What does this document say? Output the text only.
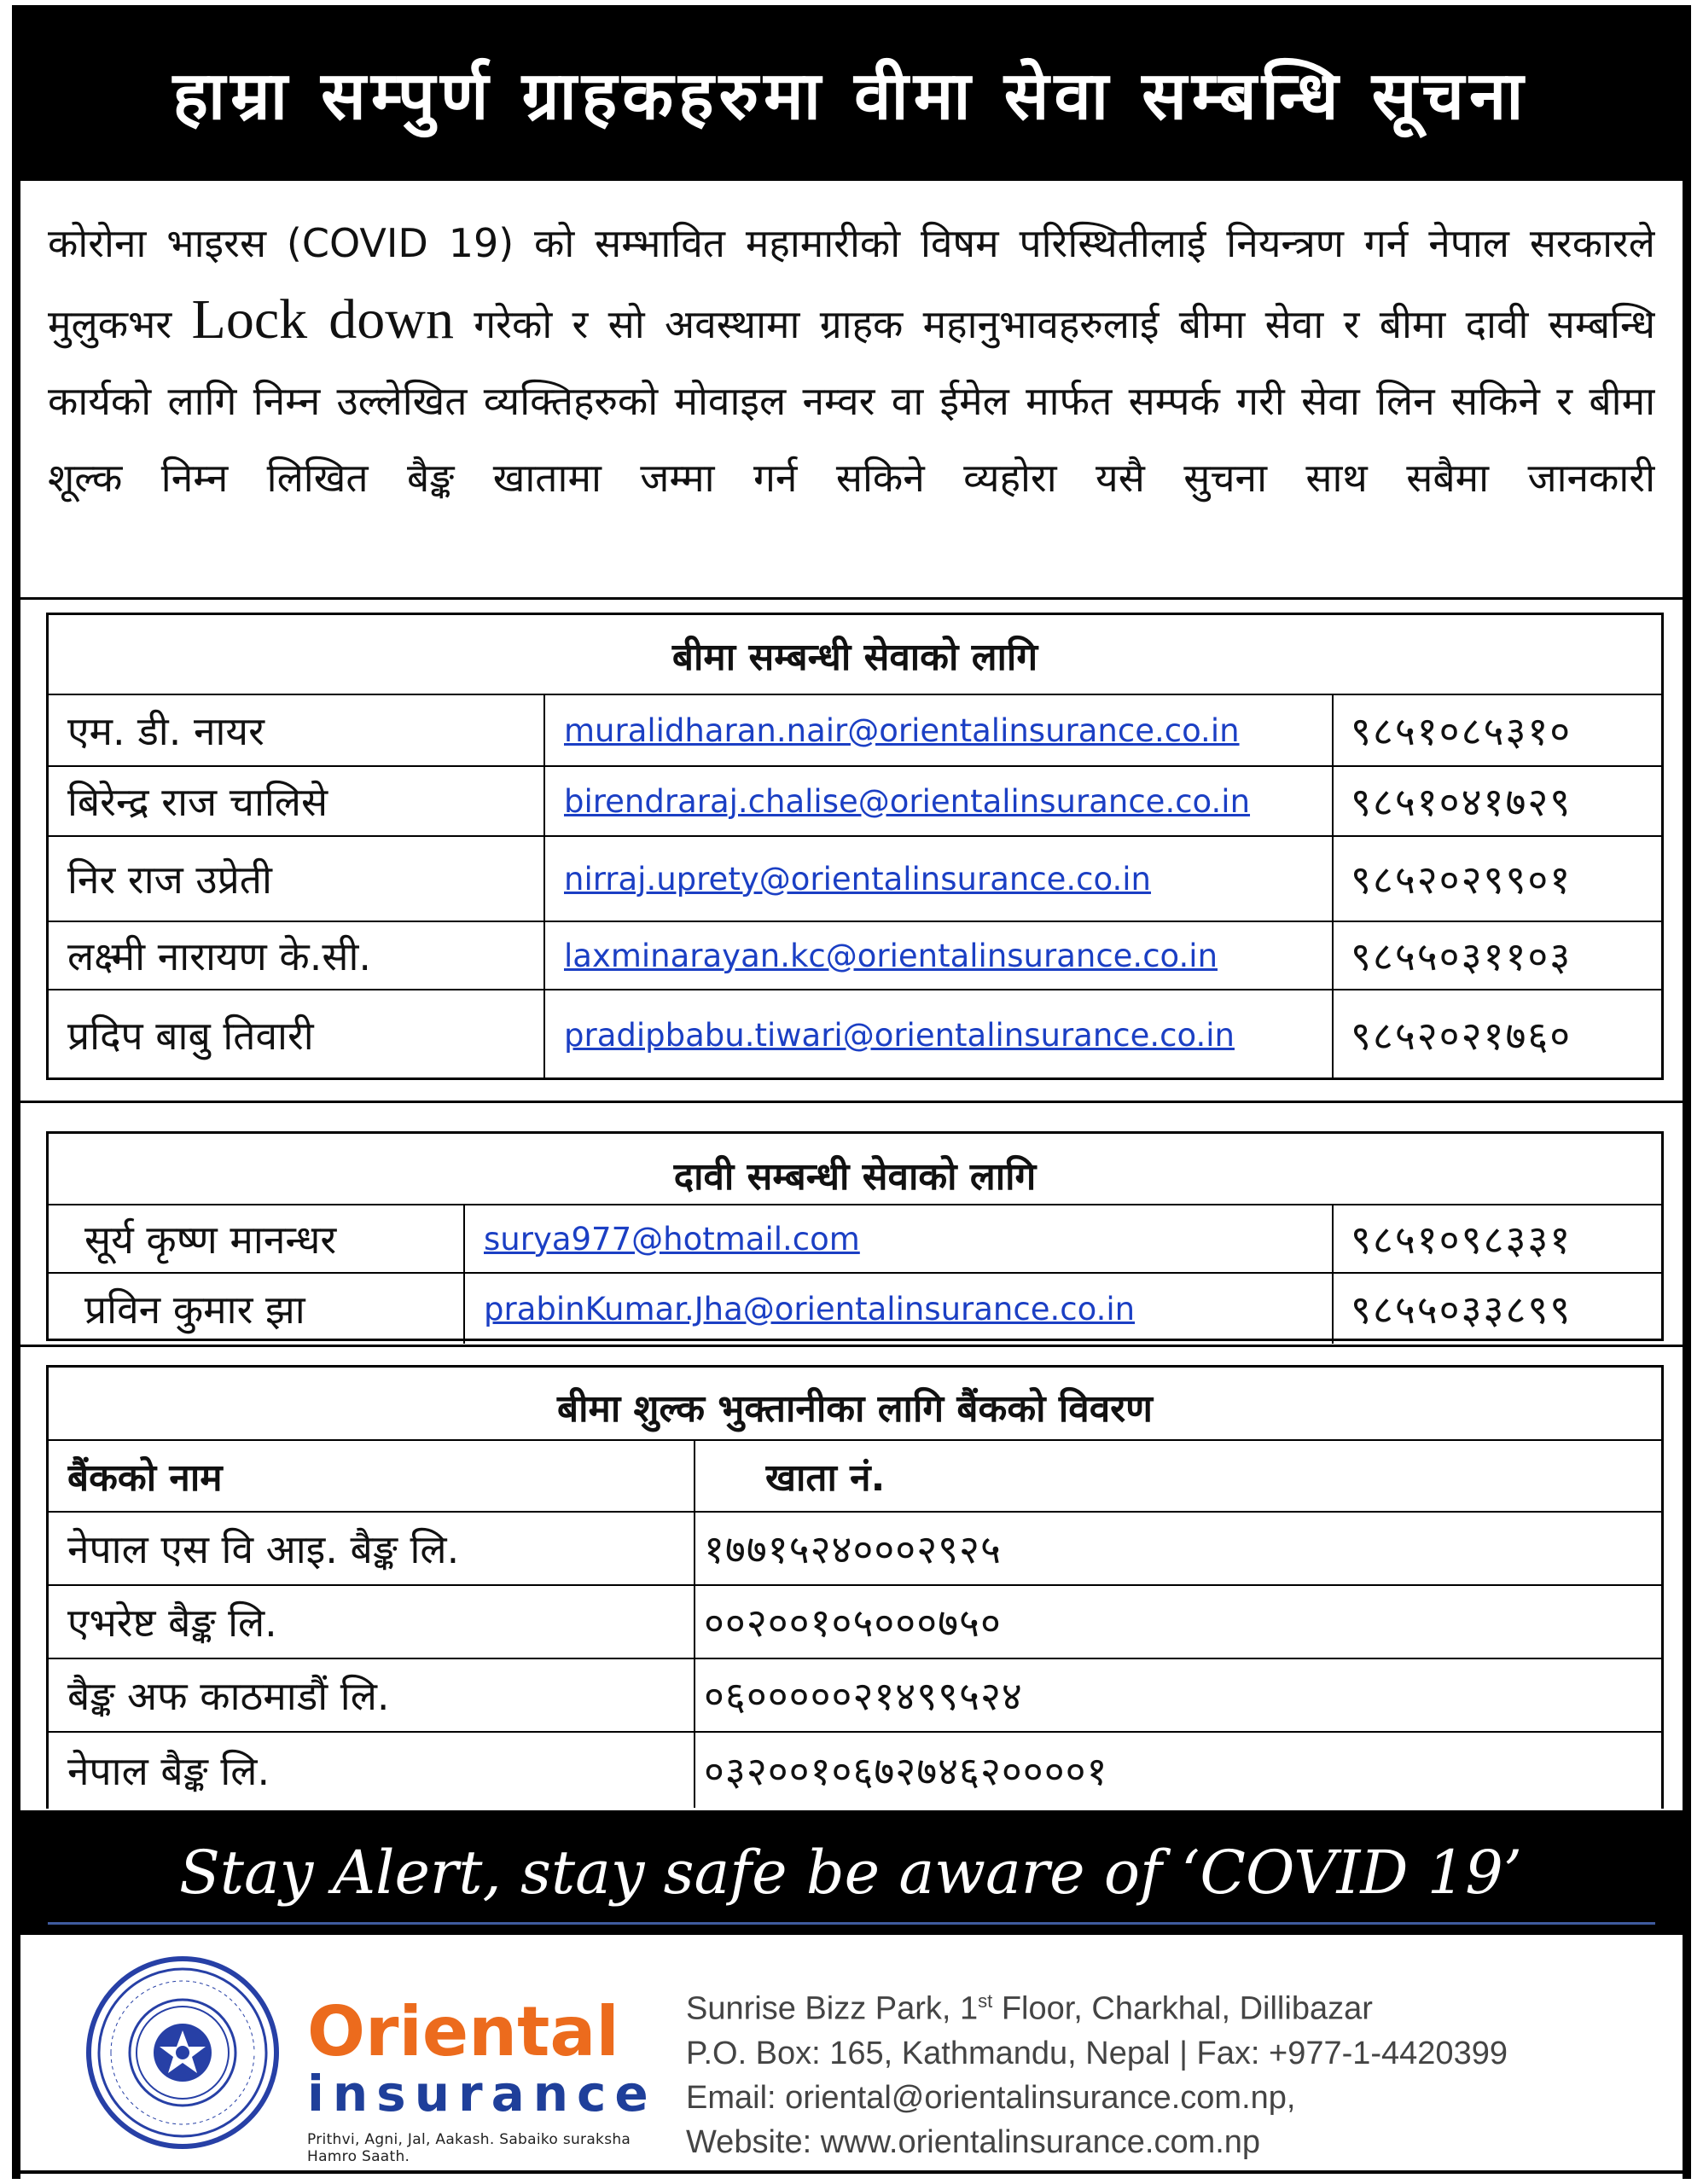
हाम्रा सम्पुर्ण ग्राहकहरुमा वीमा सेवा सम्बन्धि सूचना
कोरोना भाइरस (COVID 19) को सम्भावित महामारीको विषम परिस्थितीलाई नियन्त्रण गर्न नेपाल सरकारले मुलुकभर Lock down गरेको र सो अवस्थामा ग्राहक महानुभावहरुलाई बीमा सेवा र बीमा दावी सम्बन्धि कार्यको लागि निम्न उल्लेखित व्यक्तिहरुको मोवाइल नम्वर वा ईमेल मार्फत सम्पर्क गरी सेवा लिन सकिने र बीमा शूल्क निम्न लिखित बैङ्क खातामा जम्मा गर्न सकिने व्यहोरा यसै सुचना साथ सबैमा जानकारी
बीमा सम्बन्धी सेवाको लागि
एम. डी. नायर	muralidharan.nair@orientalinsurance.co.in	९८५१०८५३१०
बिरेन्द्र राज चालिसे	birendraraj.chalise@orientalinsurance.co.in	९८५१०४१७२९
निर राज उप्रेती	nirraj.uprety@orientalinsurance.co.in	९८५२०२९९०१
लक्ष्मी नारायण के.सी.	laxminarayan.kc@orientalinsurance.co.in	९८५५०३११०३
प्रदिप बाबु तिवारी	pradipbabu.tiwari@orientalinsurance.co.in	९८५२०२१७६०
दावी सम्बन्धी सेवाको लागि
सूर्य कृष्ण मानन्धर	surya977@hotmail.com	९८५१०९८३३१
प्रविन कुमार झा	prabinKumar.Jha@orientalinsurance.co.in	९८५५०३३८९९
बीमा शुल्क भुक्तानीका लागि बैंकको विवरण
बैंकको नाम	खाता नं.
नेपाल एस वि आइ. बैङ्क लि.	१७७१५२४०००२९२५
एभरेष्ट बैङ्क लि.	००२००१०५०००७५०
बैङ्क अफ काठमाडौं लि.	०६०००००२१४९९५२४
नेपाल बैङ्क लि.	०३२००१०६७२७४६२००००१
Stay Alert, stay safe be aware of ‘COVID 19’
Oriental
insurance
Prithvi, Agni, Jal, Aakash. Sabaiko suraksha Hamro Saath.
Sunrise Bizz Park, 1st Floor, Charkhal, Dillibazar
P.O. Box: 165, Kathmandu, Nepal | Fax: +977-1-4420399
Email: oriental@orientalinsurance.com.np,
Website: www.orientalinsurance.com.np
